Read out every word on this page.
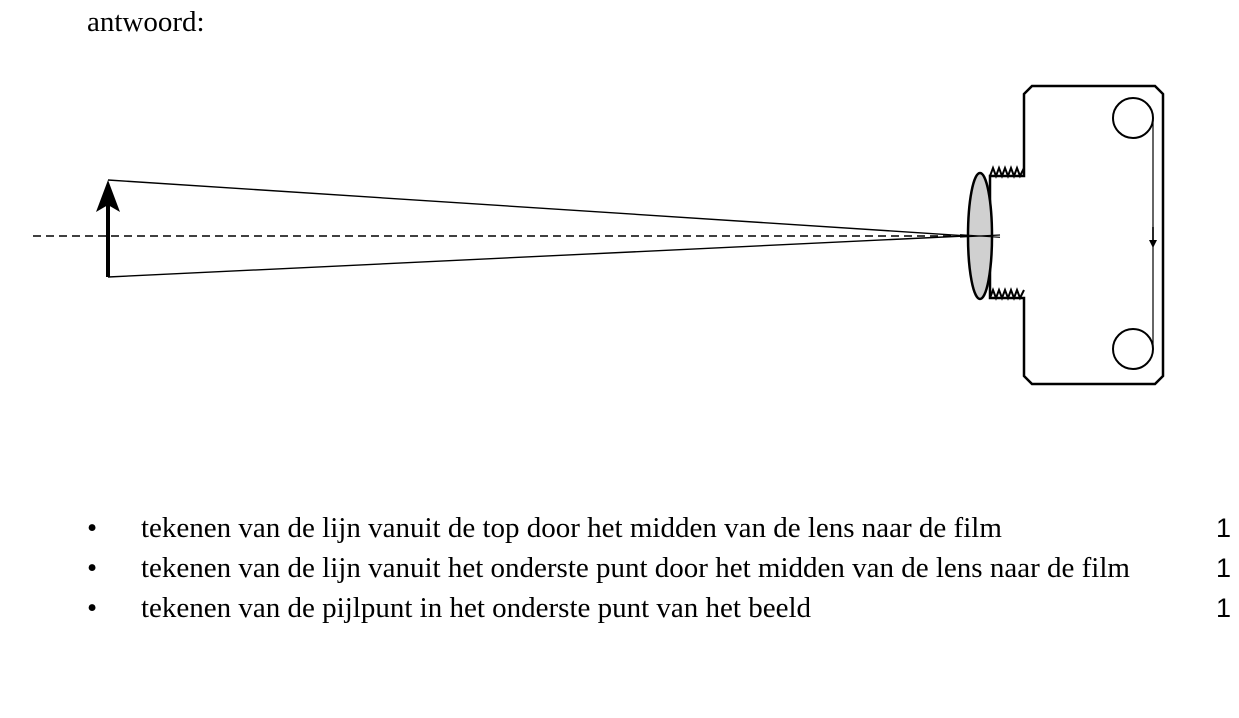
antwoord:
• tekenen van de lijn vanuit de top door het midden van de lens naar de film	1
• tekenen van de lijn vanuit het onderste punt door het midden van de lens naar de film	1
• tekenen van de pijlpunt in het onderste punt van het beeld	1
